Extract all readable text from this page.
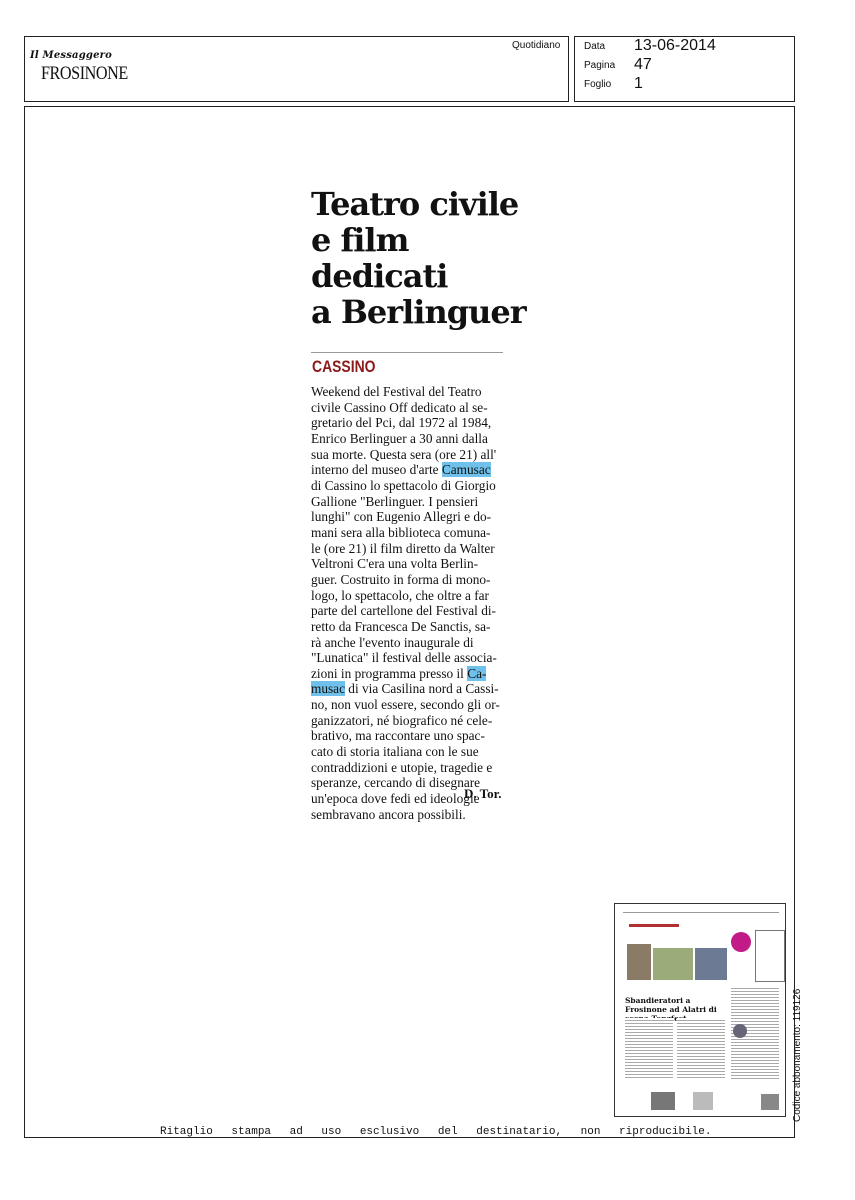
Il Messaggero
FROSINONE
Quotidiano Data 13-06-2014
Pagina 47
Foglio 1
Teatro civile
e film
dedicati
a Berlinguer
CASSINO
Weekend del Festival del Teatro
civile Cassino Off dedicato al se-
gretario del Pci, dal 1972 al 1984,
Enrico Berlinguer a 30 anni dalla
sua morte. Questa sera (ore 21) all'
interno del museo d'arte Camusac
di Cassino lo spettacolo di Giorgio
Gallione "Berlinguer. I pensieri
lunghi" con Eugenio Allegri e do-
mani sera alla biblioteca comuna-
le (ore 21) il film diretto da Walter
Veltroni C'era una volta Berlin-
guer. Costruito in forma di mono-
logo, lo spettacolo, che oltre a far
parte del cartellone del Festival di-
retto da Francesca De Sanctis, sa-
rà anche l'evento inaugurale di
"Lunatica" il festival delle associa-
zioni in programma presso il Ca-
musac di via Casilina nord a Cassi-
no, non vuol essere, secondo gli or-
ganizzatori, né biografico né cele-
brativo, ma raccontare uno spac-
cato di storia italiana con le sue
contraddizioni e utopie, tragedie e
speranze, cercando di disegnare
un'epoca dove fedi ed ideologie
sembravano ancora possibili.
D. Tor.
Sbandieratori a Frosinone ad Alatri di	Codice abbonamento: 119126
Ritaglio stampa ad uso esclusivo del destinatario, non riproducibile.
